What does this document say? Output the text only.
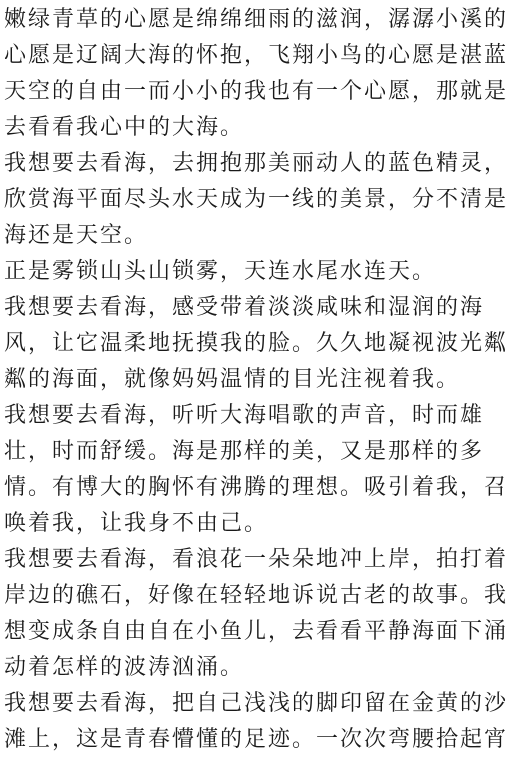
嫩绿青草的心愿是绵绵细雨的滋润，潺潺小溪的
心愿是辽阔大海的怀抱，飞翔小鸟的心愿是湛蓝
天空的自由一而小小的我也有一个心愿，那就是
去看看我心中的大海。
我想要去看海，去拥抱那美丽动人的蓝色精灵，
欣赏海平面尽头水天成为一线的美景，分不清是
海还是天空。
正是雾锁山头山锁雾，天连水尾水连天。
我想要去看海，感受带着淡淡咸味和湿润的海
风，让它温柔地抚摸我的脸。久久地凝视波光粼
粼的海面，就像妈妈温情的目光注视着我。
我想要去看海，听听大海唱歌的声音，时而雄
壮，时而舒缓。海是那样的美，又是那样的多
情。有博大的胸怀有沸腾的理想。吸引着我，召
唤着我，让我身不由己。
我想要去看海，看浪花一朵朵地冲上岸，拍打着
岸边的礁石，好像在轻轻地诉说古老的故事。我
想变成条自由自在小鱼儿，去看看平静海面下涌
动着怎样的波涛汹涌。
我想要去看海，把自己浅浅的脚印留在金黄的沙
滩上，这是青春懵懂的足迹。一次次弯腰拾起宵
